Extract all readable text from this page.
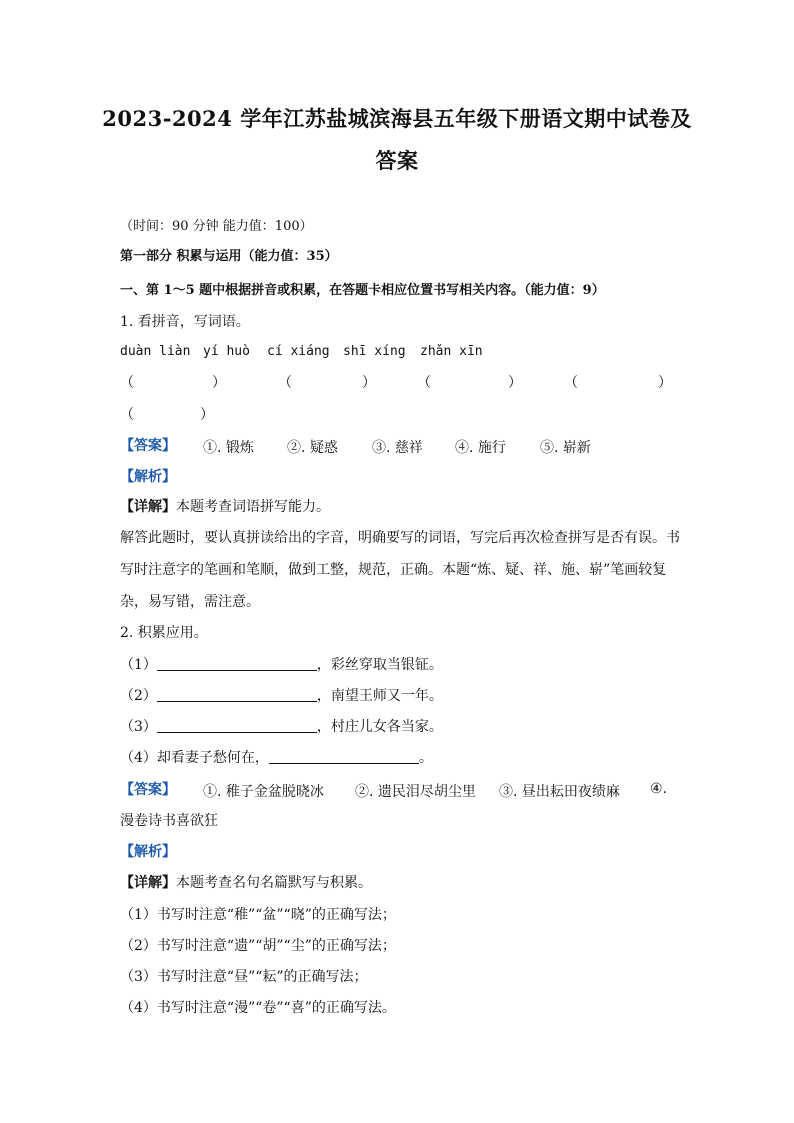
2023-2024 学年江苏盐城滨海县五年级下册语文期中试卷及
答案
（时间：90 分钟 能力值：100）
第一部分 积累与运用（能力值：35）
一、第 1～5 题中根据拼音或积累，在答题卡相应位置书写相关内容。（能力值：9）
1. 看拼音，写词语。
duàn liàn yí huò cí xiáng shī xíng zhǎn xīn
（	）	（	）	（	）	（	）
（	）
【答案】 ①. 锻炼 ②. 疑惑 ③. 慈祥 ④. 施行 ⑤. 崭新
【解析】
【详解】本题考查词语拼写能力。
解答此题时，要认真拼读给出的字音，明确要写的词语，写完后再次检查拼写是否有误。书
写时注意字的笔画和笔顺，做到工整，规范，正确。本题“炼、疑、祥、施、崭”笔画较复
杂，易写错，需注意。
2. 积累应用。
（1）	，彩丝穿取当银钲。
（2）	，南望王师又一年。
（3）	，村庄儿女各当家。
（4）却看妻子愁何在，	。
【答案】 ①. 稚子金盆脱晓冰 ②. 遗民泪尽胡尘里 ③. 昼出耘田夜绩麻 ④.
漫卷诗书喜欲狂
【解析】
【详解】本题考查名句名篇默写与积累。
（1）书写时注意“稚”“盆”“晓”的正确写法；
（2）书写时注意“遗”“胡”“尘”的正确写法；
（3）书写时注意“昼”“耘”的正确写法；
（4）书写时注意“漫”“卷”“喜”的正确写法。
